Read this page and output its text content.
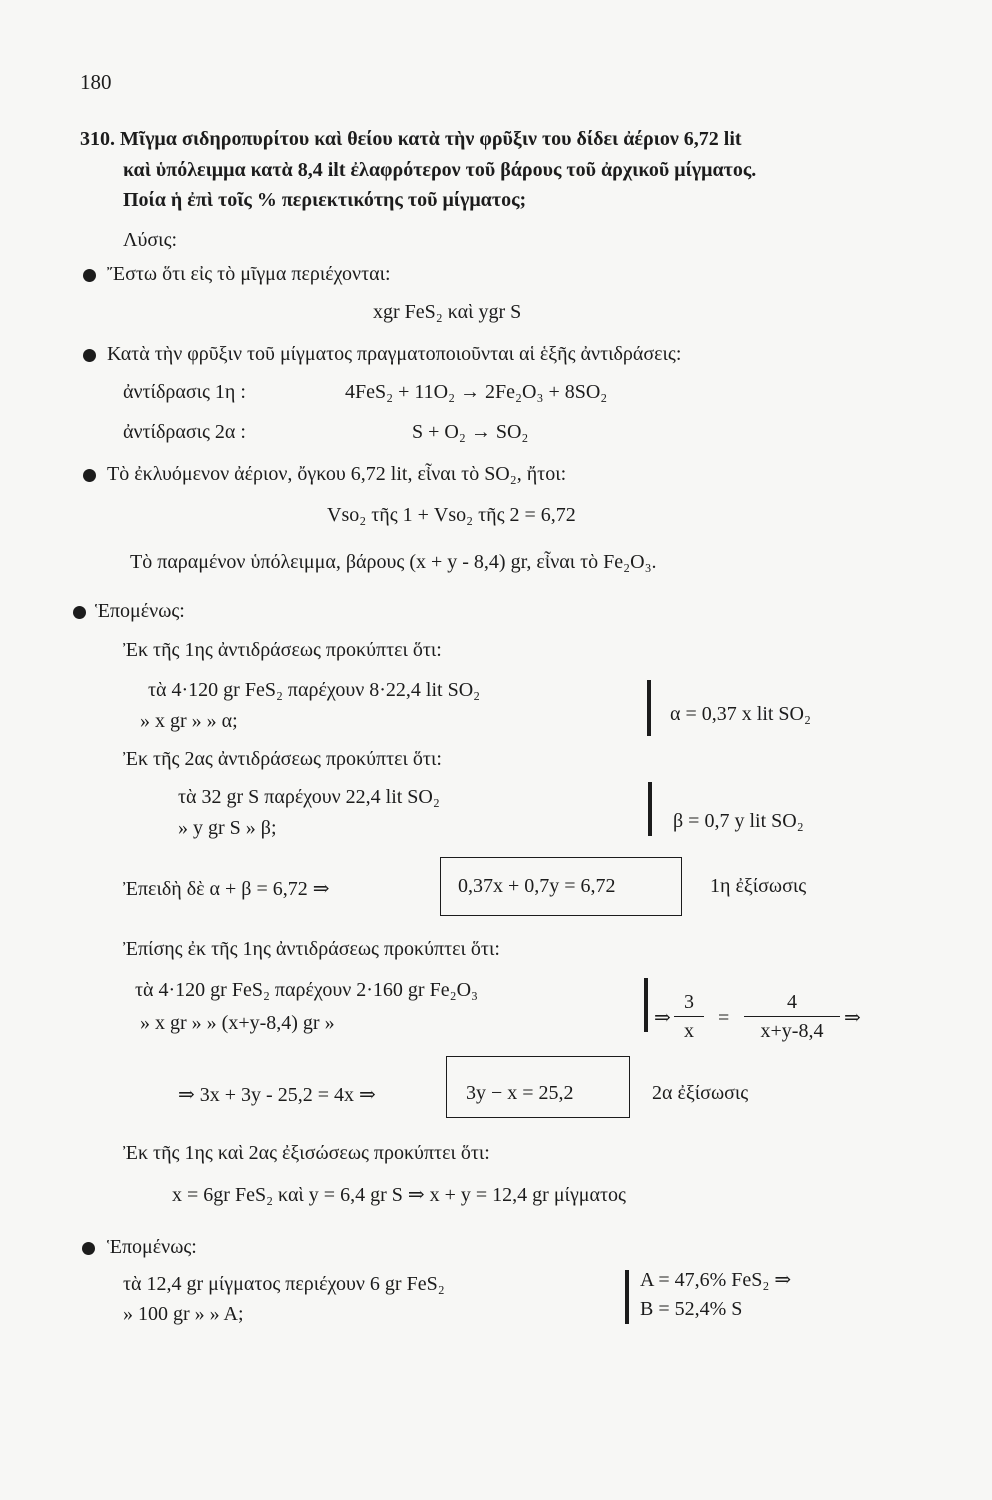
180
310. Μῖγμα σιδηροπυρίτου καὶ θείου κατὰ τὴν φρῦξιν του δίδει ἀέριον 6,72 lit
καὶ ὑπόλειμμα κατὰ 8,4 ilt ἐλαφρότερον τοῦ βάρους τοῦ ἀρχικοῦ μίγματος.
Ποία ἡ ἐπὶ τοῖς % περιεκτικότης τοῦ μίγματος;
Λύσις:
Ἔστω ὅτι εἰς τὸ μῖγμα περιέχονται:
xgr FeS₂ καὶ ygr S
Κατὰ τὴν φρῦξιν τοῦ μίγματος πραγματοποιοῦνται αἱ ἑξῆς ἀντιδράσεις:
ἀντίδρασις 1η :	4FeS₂ + 11O₂ → 2Fe₂O₃ + 8SO₂
ἀντίδρασις 2α :	S + O₂ → SO₂
Τὸ ἐκλυόμενον ἀέριον, ὄγκου 6,72 lit, εἶναι τὸ SO₂, ἤτοι:
Vso₂ τῆς 1 + Vso₂ τῆς 2 = 6,72
Τὸ παραμένον ὑπόλειμμα, βάρους (x + y - 8,4) gr, εἶναι τὸ Fe₂O₃.
Ἑπομένως:
Ἐκ τῆς 1ης ἀντιδράσεως προκύπτει ὅτι:
τὰ 4·120 gr FeS₂ παρέχουν 8·22,4 lit SO₂
» x gr » » α;	α = 0,37 x lit SO₂
Ἐκ τῆς 2ας ἀντιδράσεως προκύπτει ὅτι:
τὰ 32 gr S παρέχουν 22,4 lit SO₂
» y gr S » β;	β = 0,7 y lit SO₂
Ἐπειδὴ δὲ α + β = 6,72 ⇒	0,37x + 0,7y = 6,72	1η ἐξίσωσις
Ἐπίσης ἐκ τῆς 1ης ἀντιδράσεως προκύπτει ὅτι:
τὰ 4·120 gr FeS₂ παρέχουν 2·160 gr Fe₂O₃
» x gr » » (x+y-8,4) gr »	⇒
3
x
=
4
x+y-8,4
⇒
⇒ 3x + 3y - 25,2 = 4x ⇒	3y − x = 25,2	2α ἐξίσωσις
Ἐκ τῆς 1ης καὶ 2ας ἐξισώσεως προκύπτει ὅτι:
x = 6gr FeS₂ καὶ y = 6,4 gr S ⇒ x + y = 12,4 gr μίγματος
Ἑπομένως:
τὰ 12,4 gr μίγματος περιέχουν 6 gr FeS₂
» 100 gr » » A;
A = 47,6% FeS₂ ⇒
B = 52,4% S
